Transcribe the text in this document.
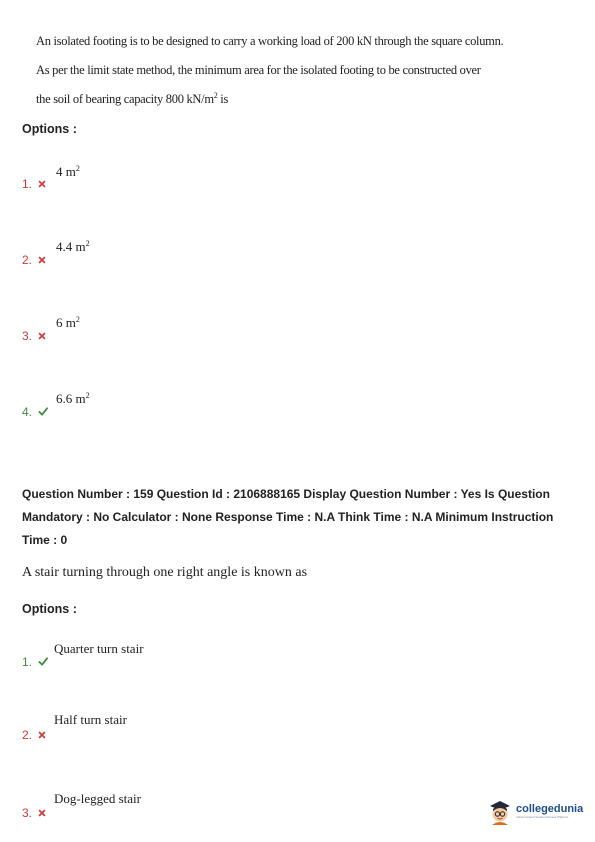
An isolated footing is to be designed to carry a working load of 200 kN through the square column.
As per the limit state method, the minimum area for the isolated footing to be constructed over
the soil of bearing capacity 800 $kN/m^2$ is
Options :
4 $m^2$
1.
4.4 $m^2$
2.
6 $m^2$
3.
6.6 $m^2$
4.
Question Number : 159 Question Id : 2106888165 Display Question Number : Yes Is Question
Mandatory : No Calculator : None Response Time : N.A Think Time : N.A Minimum Instruction
Time : 0
A stair turning through one right angle is known as
Options :
Quarter turn stair
1.
Half turn stair
2.
Dog-legged stair
3.	collegedunia
India's largest Student Review Platform
